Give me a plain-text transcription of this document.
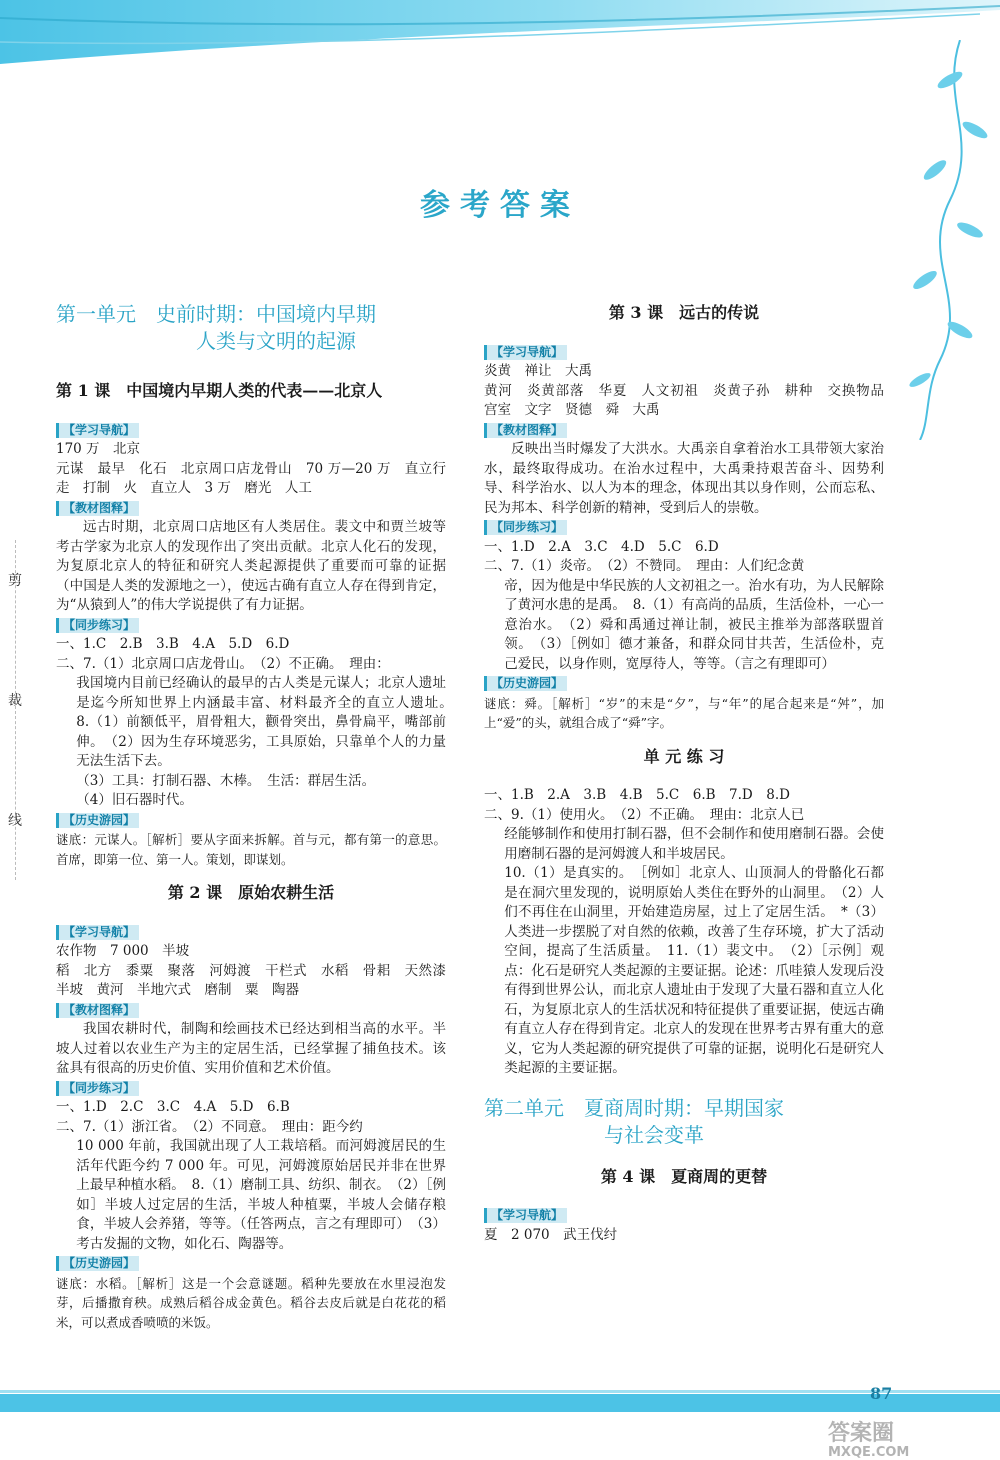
参考答案
剪
裁
线
第一单元　史前时期：中国境内早期
人类与文明的起源
第 1 课　中国境内早期人类的代表——北京人
【学习导航】

170 万　北京

元谋　最早　化石　北京周口店龙骨山　70 万—20 万　直立行走　打制　火　直立人　3 万　磨光　人工

【教材图释】

远古时期，北京周口店地区有人类居住。裴文中和贾兰坡等考古学家为北京人的发现作出了突出贡献。北京人化石的发现，为复原北京人的特征和研究人类起源提供了重要而可靠的证据（中国是人类的发源地之一），使远古确有直立人存在得到肯定，为“从猿到人”的伟大学说提供了有力证据。

【同步练习】

一、1.C　2.B　3.B　4.A　5.D　6.D

二、7.（1）北京周口店龙骨山。　（2）不正确。　理由：

我国境内目前已经确认的最早的古人类是元谋人；北京人遗址是迄今所知世界上内涵最丰富、材料最齐全的直立人遗址。　8.（1）前额低平，眉骨粗大，颧骨突出，鼻骨扁平，嘴部前伸。　（2）因为生存环境恶劣，工具原始，只靠单个人的力量无法生活下去。

（3）工具：打制石器、木棒。　生活：群居生活。

（4）旧石器时代。

【历史游园】

谜底：元谋人。［解析］要从字面来拆解。首与元，都有第一的意思。首席，即第一位、第一人。策划，即谋划。

第 2 课　原始农耕生活
【学习导航】

农作物　7 000　半坡

稻　北方　黍粟　聚落　河姆渡　干栏式　水稻　骨耜　天然漆　半坡　黄河　半地穴式　磨制　粟　陶器

【教材图释】

我国农耕时代，制陶和绘画技术已经达到相当高的水平。半坡人过着以农业生产为主的定居生活，已经掌握了捕鱼技术。该盆具有很高的历史价值、实用价值和艺术价值。

【同步练习】

一、1.D　2.C　3.C　4.A　5.D　6.B

二、7.（1）浙江省。　（2）不同意。　理由：距今约

10 000 年前，我国就出现了人工栽培稻。而河姆渡居民的生活年代距今约 7 000 年。可见，河姆渡原始居民并非在世界上最早种植水稻。　8.（1）磨制工具、纺织、制衣。　（2）［例如］半坡人过定居的生活，半坡人种植粟，半坡人会储存粮食，半坡人会养猪，等等。（任答两点，言之有理即可）　（3）考古发掘的文物，如化石、陶器等。

【历史游园】

谜底：水稻。［解析］这是一个会意谜题。稻种先要放在水里浸泡发芽，后播撒育秧。成熟后稻谷成金黄色。稻谷去皮后就是白花花的稻米，可以煮成香喷喷的米饭。

第 3 课　远古的传说
【学习导航】

炎黄　禅让　大禹

黄河　炎黄部落　华夏　人文初祖　炎黄子孙　耕种　交换物品　宫室　文字　贤德　舜　大禹

【教材图释】

反映出当时爆发了大洪水。大禹亲自拿着治水工具带领大家治水，最终取得成功。在治水过程中，大禹秉持艰苦奋斗、因势利导、科学治水、以人为本的理念，体现出其以身作则，公而忘私、民为邦本、科学创新的精神，受到后人的崇敬。

【同步练习】

一、1.D　2.A　3.C　4.D　5.C　6.D

二、7.（1）炎帝。　（2）不赞同。　理由：人们纪念黄

帝，因为他是中华民族的人文初祖之一。治水有功，为人民解除了黄河水患的是禹。　8.（1）有高尚的品质，生活俭朴，一心一意治水。　（2）舜和禹通过禅让制，被民主推举为部落联盟首领。　（3）［例如］德才兼备，和群众同甘共苦，生活俭朴，克己爱民，以身作则，宽厚待人，等等。（言之有理即可）

【历史游园】

谜底：舜。［解析］“岁”的末是“夕”，与“年”的尾合起来是“舛”，加上“爱”的头，就组合成了“舜”字。

单 元 练 习

一、1.B　2.A　3.B　4.B　5.C　6.B　7.D　8.D

二、9.（1）使用火。　（2）不正确。　理由：北京人已

经能够制作和使用打制石器，但不会制作和使用磨制石器。会使用磨制石器的是河姆渡人和半坡居民。

10.（1）是真实的。　［例如］北京人、山顶洞人的骨骼化石都是在洞穴里发现的，说明原始人类住在野外的山洞里。　（2）人们不再住在山洞里，开始建造房屋，过上了定居生活。　*（3）人类进一步摆脱了对自然的依赖，改善了生存环境，扩大了活动空间，提高了生活质量。　11.（1）裴文中。　（2）［示例］观点：化石是研究人类起源的主要证据。论述：爪哇猿人发现后没有得到世界公认，而北京人遗址由于发现了大量石器和直立人化石，为复原北京人的生活状况和特征提供了重要证据，使远古确有直立人存在得到肯定。北京人的发现在世界考古界有重大的意义，它为人类起源的研究提供了可靠的证据，说明化石是研究人类起源的主要证据。

第二单元　夏商周时期：早期国家
与社会变革
第 4 课　夏商周的更替
【学习导航】

夏　2 070　武王伐纣

87
答案圈
MXQE.COM
